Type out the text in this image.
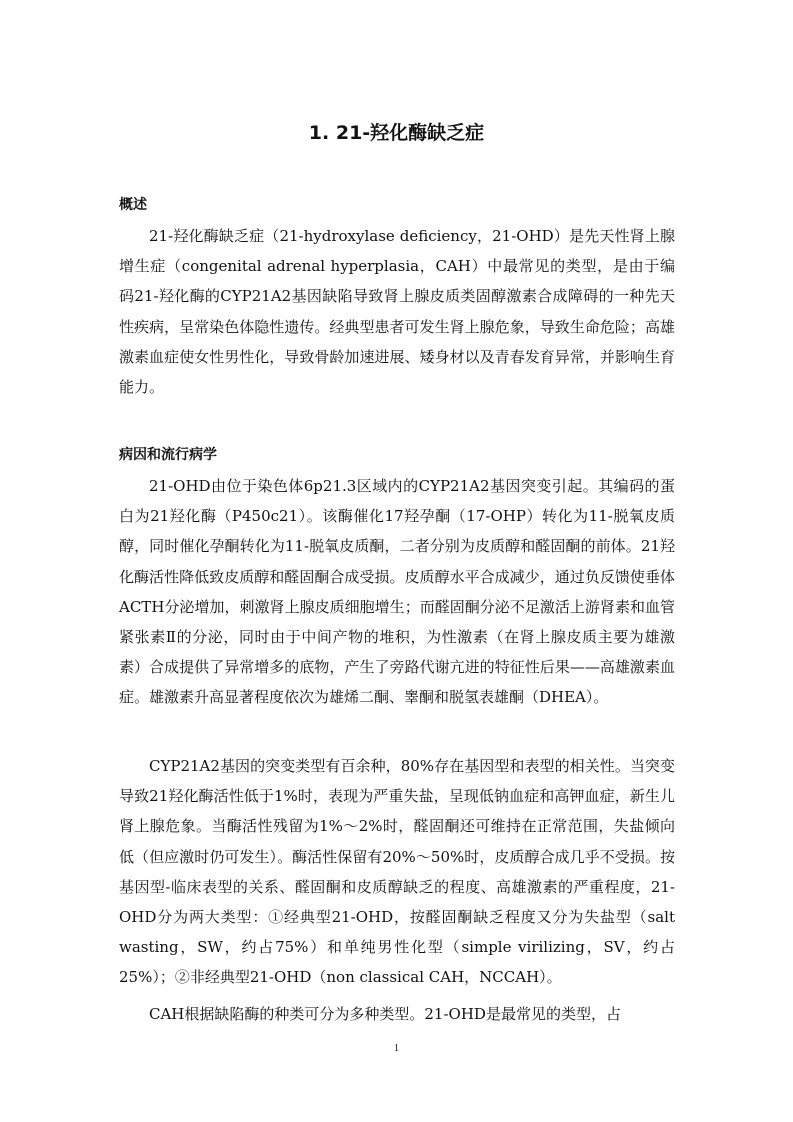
1. 21-羟化酶缺乏症
概述

21-羟化酶缺乏症（21-hydroxylase deficiency，21-OHD）是先天性肾上腺增生症（congenital adrenal hyperplasia，CAH）中最常见的类型，是由于编码21-羟化酶的CYP21A2基因缺陷导致肾上腺皮质类固醇激素合成障碍的一种先天性疾病，呈常染色体隐性遗传。经典型患者可发生肾上腺危象，导致生命危险；高雄激素血症使女性男性化，导致骨龄加速进展、矮身材以及青春发育异常，并影响生育能力。

病因和流行病学

21-OHD由位于染色体6p21.3区域内的CYP21A2基因突变引起。其编码的蛋白为21羟化酶（P450c21）。该酶催化17羟孕酮（17-OHP）转化为11-脱氧皮质醇，同时催化孕酮转化为11-脱氧皮质酮，二者分别为皮质醇和醛固酮的前体。21羟化酶活性降低致皮质醇和醛固酮合成受损。皮质醇水平合成减少，通过负反馈使垂体ACTH分泌增加，刺激肾上腺皮质细胞增生；而醛固酮分泌不足激活上游肾素和血管紧张素Ⅱ的分泌，同时由于中间产物的堆积，为性激素（在肾上腺皮质主要为雄激素）合成提供了异常增多的底物，产生了旁路代谢亢进的特征性后果——高雄激素血症。雄激素升高显著程度依次为雄烯二酮、睾酮和脱氢表雄酮（DHEA）。

CYP21A2基因的突变类型有百余种，80%存在基因型和表型的相关性。当突变导致21羟化酶活性低于1%时，表现为严重失盐，呈现低钠血症和高钾血症，新生儿肾上腺危象。当酶活性残留为1%～2%时，醛固酮还可维持在正常范围，失盐倾向低（但应激时仍可发生）。酶活性保留有20%～50%时，皮质醇合成几乎不受损。按基因型-临床表型的关系、醛固酮和皮质醇缺乏的程度、高雄激素的严重程度，21-OHD分为两大类型：①经典型21-OHD，按醛固酮缺乏程度又分为失盐型（salt wasting，SW，约占75%）和单纯男性化型（simple virilizing，SV，约占25%）；②非经典型21-OHD（non classical CAH，NCCAH）。

CAH根据缺陷酶的种类可分为多种类型。21-OHD是最常见的类型，占

1
